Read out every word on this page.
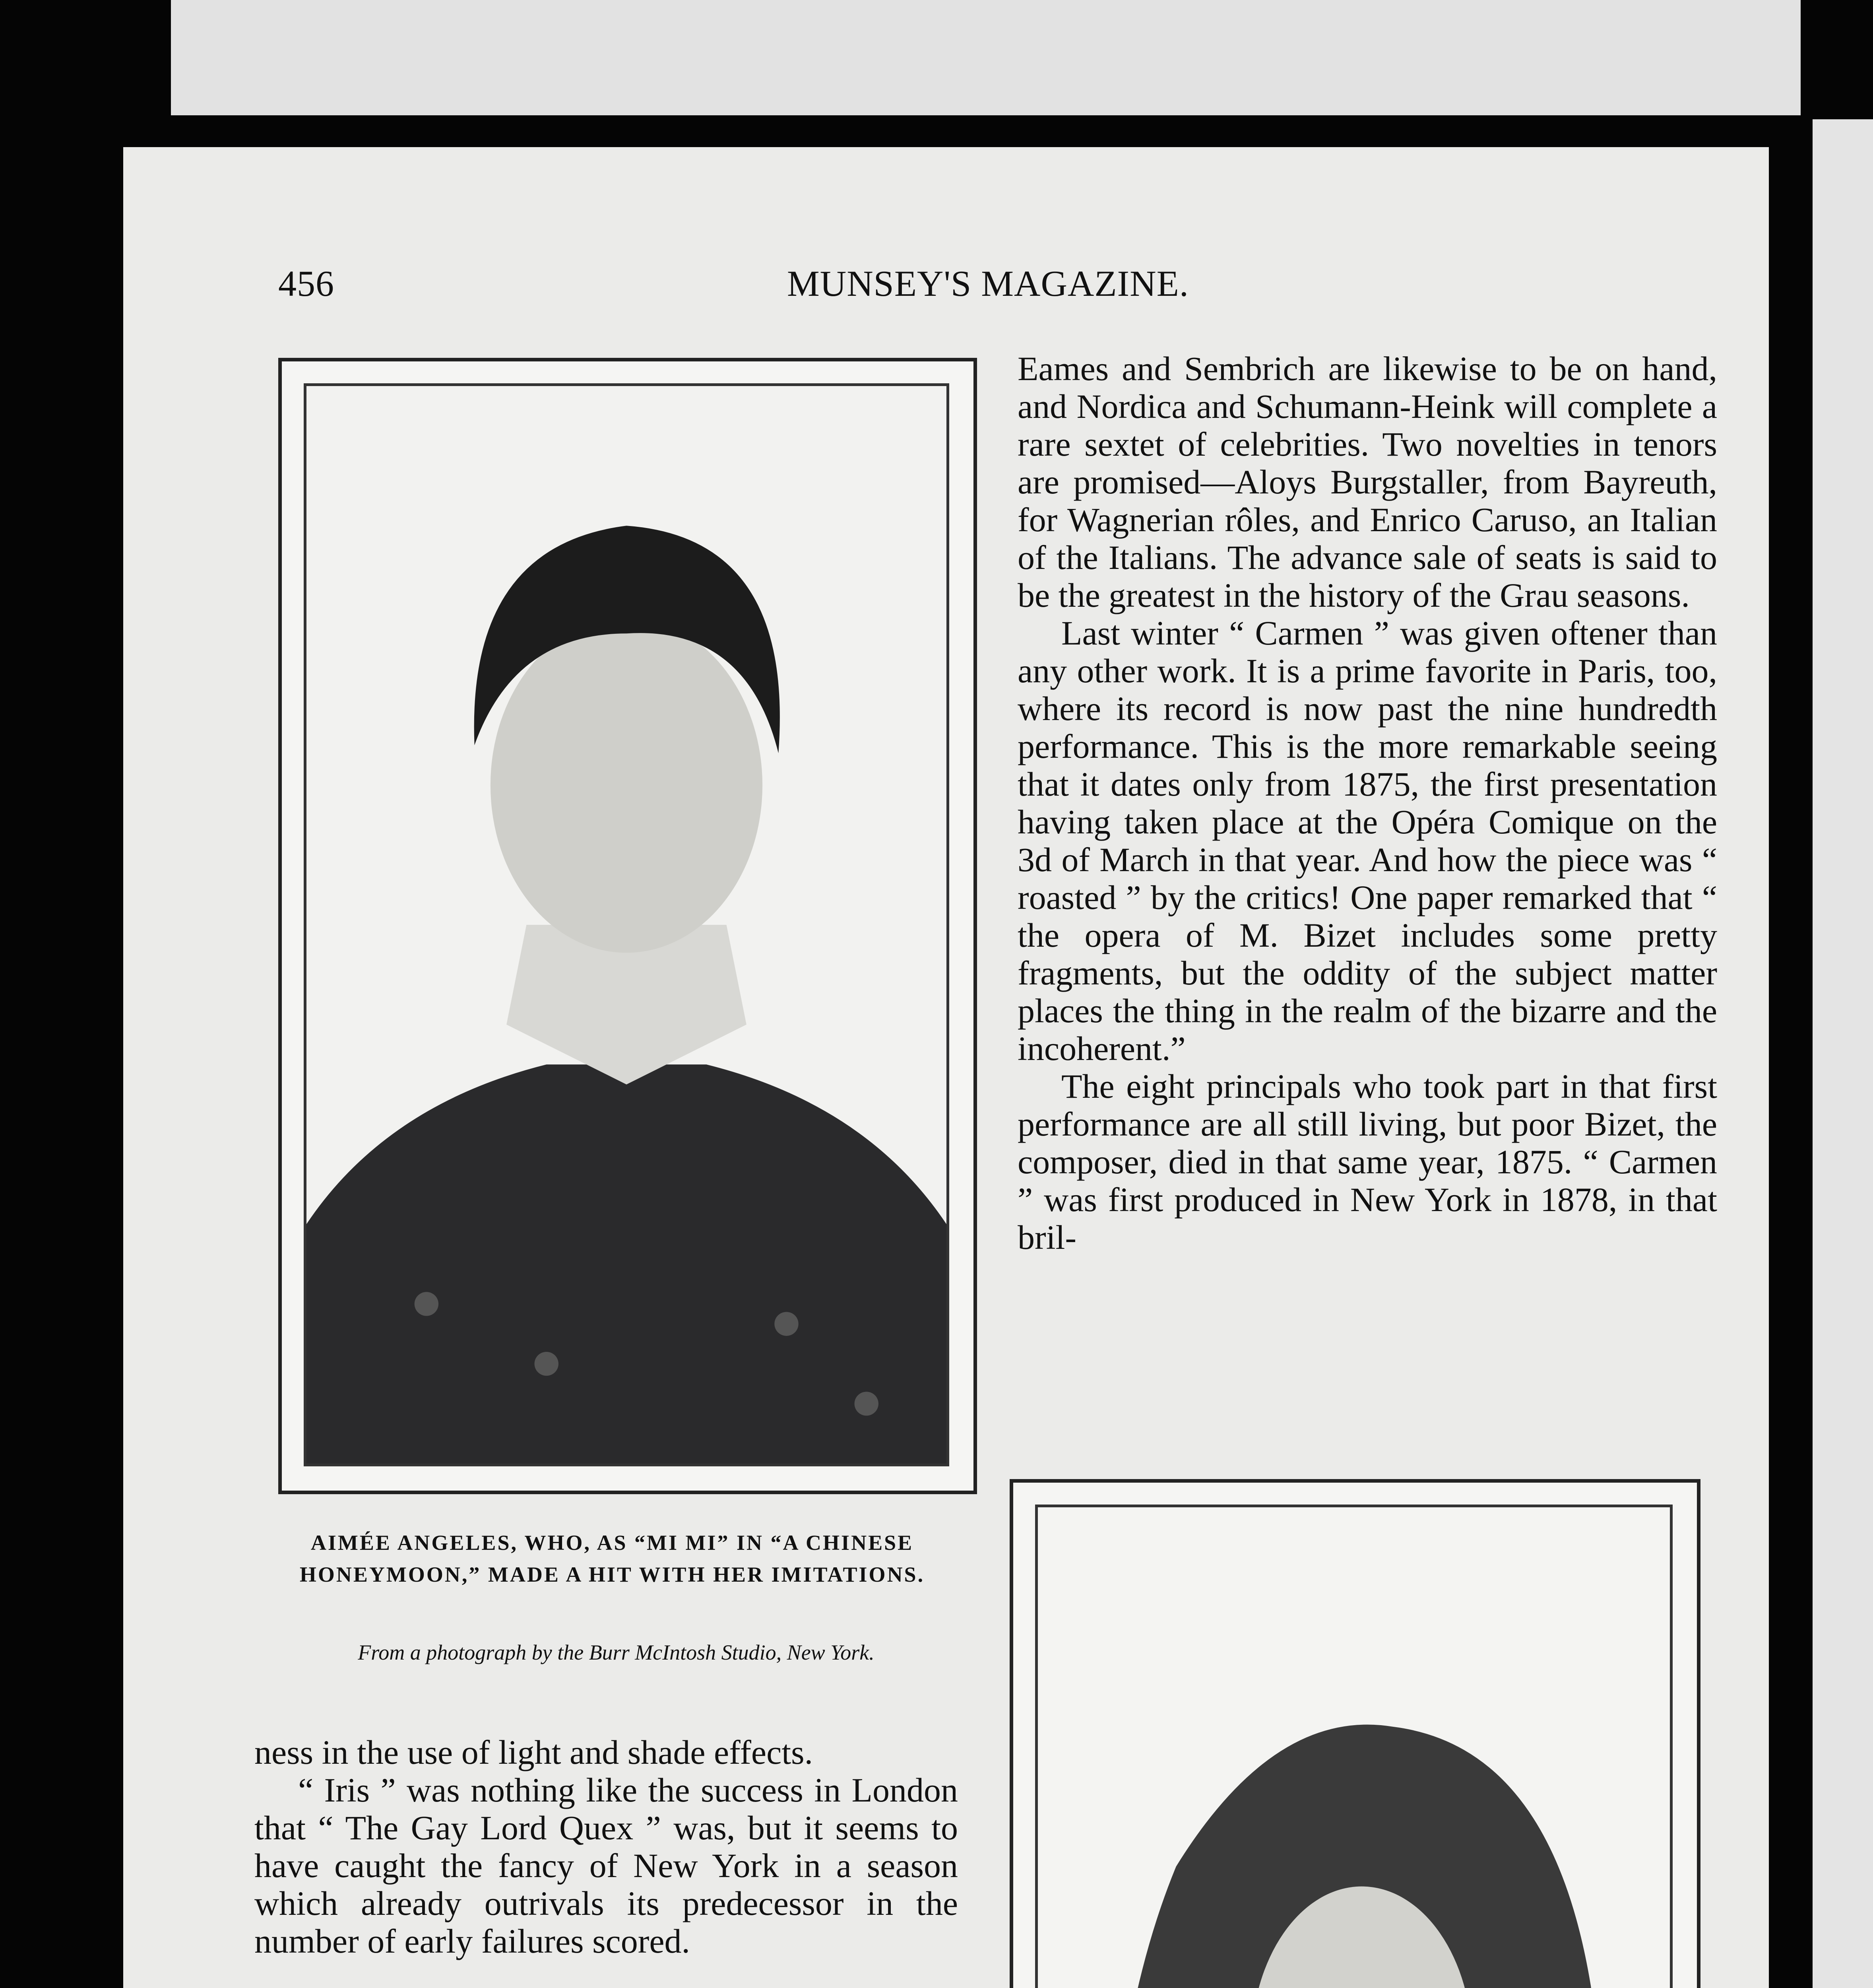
456	MUNSEY'S MAGAZINE.
AIMÉE ANGELES, WHO, AS “MI MI” IN “A CHINESE HONEYMOON,” MADE A HIT WITH HER IMITATIONS.
From a photograph by the Burr McIntosh Studio, New York.

Eames and Sembrich are likewise to be on hand, and Nordica and Schumann-Heink will complete a rare sextet of celebrities. Two novelties in tenors are promised—Aloys Burgstaller, from Bayreuth, for Wagnerian rôles, and Enrico Caruso, an Italian of the Italians. The advance sale of seats is said to be the greatest in the history of the Grau seasons.

Last winter “ Carmen ” was given oftener than any other work. It is a prime favorite in Paris, too, where its record is now past the nine hundredth performance. This is the more remarkable seeing that it dates only from 1875, the first presentation having taken place at the Opéra Comique on the 3d of March in that year. And how the piece was “ roasted ” by the critics! One paper remarked that “ the opera of M. Bizet includes some pretty fragments, but the oddity of the subject matter places the thing in the realm of the bizarre and the incoherent.”

The eight principals who took part in that first performance are all still living, but poor Bizet, the composer, died in that same year, 1875. “ Carmen ” was first produced in New York in 1878, in that bril-

ness in the use of light and shade effects.

“ Iris ” was nothing like the success in London that “ The Gay Lord Quex ” was, but it seems to have caught the fancy of New York in a season which already outrivals its predecessor in the number of early failures scored.
